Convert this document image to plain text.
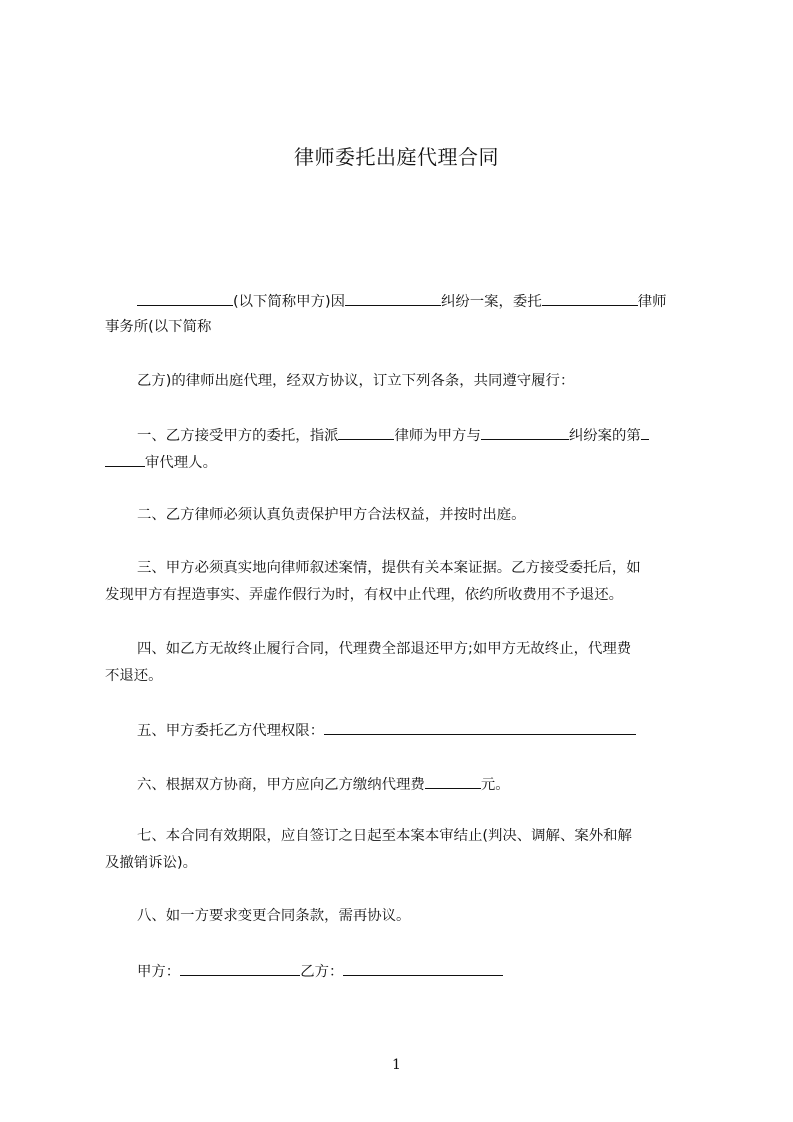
律师委托出庭代理合同
(以下简称甲方)因	纠纷一案，委托	律师
事务所(以下简称
乙方)的律师出庭代理，经双方协议，订立下列各条，共同遵守履行：
一、乙方接受甲方的委托，指派	律师为甲方与	纠纷案的第
审代理人。
二、乙方律师必须认真负责保护甲方合法权益，并按时出庭。
三、甲方必须真实地向律师叙述案情，提供有关本案证据。乙方接受委托后，如
发现甲方有捏造事实、弄虚作假行为时，有权中止代理，依约所收费用不予退还。
四、如乙方无故终止履行合同，代理费全部退还甲方;如甲方无故终止，代理费
不退还。
五、甲方委托乙方代理权限：
六、根据双方协商，甲方应向乙方缴纳代理费	元。
七、本合同有效期限，应自签订之日起至本案本审结止(判决、调解、案外和解
及撤销诉讼)。
八、如一方要求变更合同条款，需再协议。
甲方：	乙方：
1
